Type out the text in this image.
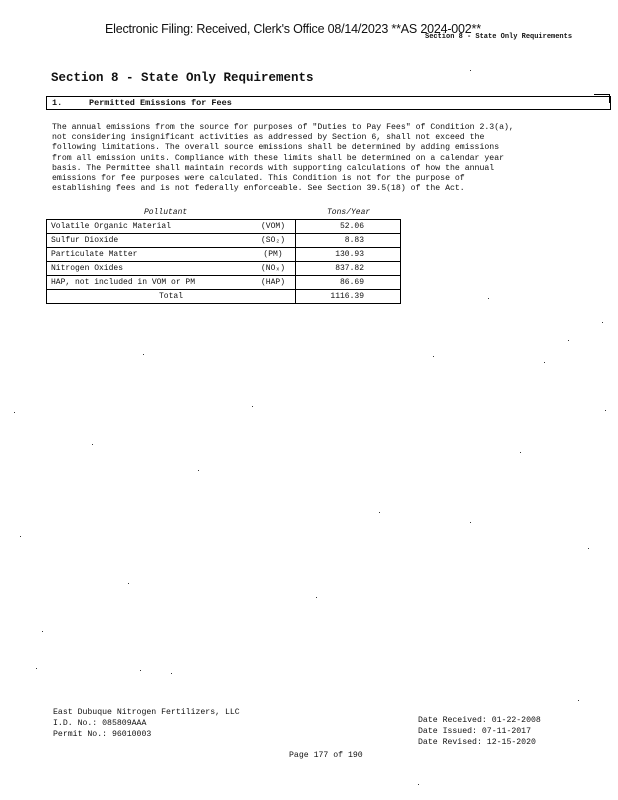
Electronic Filing: Received, Clerk's Office 08/14/2023 **AS 2024-002**
Section 8 - State Only Requirements
Section 8 - State Only Requirements
1.	Permitted Emissions for Fees
The annual emissions from the source for purposes of "Duties to Pay Fees" of Condition 2.3(a),
not considering insignificant activities as addressed by Section 6, shall not exceed the
following limitations. The overall source emissions shall be determined by adding emissions
from all emission units. Compliance with these limits shall be determined on a calendar year
basis. The Permittee shall maintain records with supporting calculations of how the annual
emissions for fee purposes were calculated. This Condition is not for the purpose of
establishing fees and is not federally enforceable. See Section 39.5(18) of the Act.
Pollutant	Tons/Year
Volatile Organic Material	(VOM)	52.06
Sulfur Dioxide	(SO₂)	8.83
Particulate Matter	(PM)	130.93
Nitrogen Oxides	(NOₓ)	837.82
HAP, not included in VOM or PM	(HAP)	86.69
Total		1116.39
East Dubuque Nitrogen Fertilizers, LLC
I.D. No.: 085809AAA
Permit No.: 96010003
Date Received: 01-22-2008
Date Issued: 07-11-2017
Date Revised: 12-15-2020
Page 177 of 190
